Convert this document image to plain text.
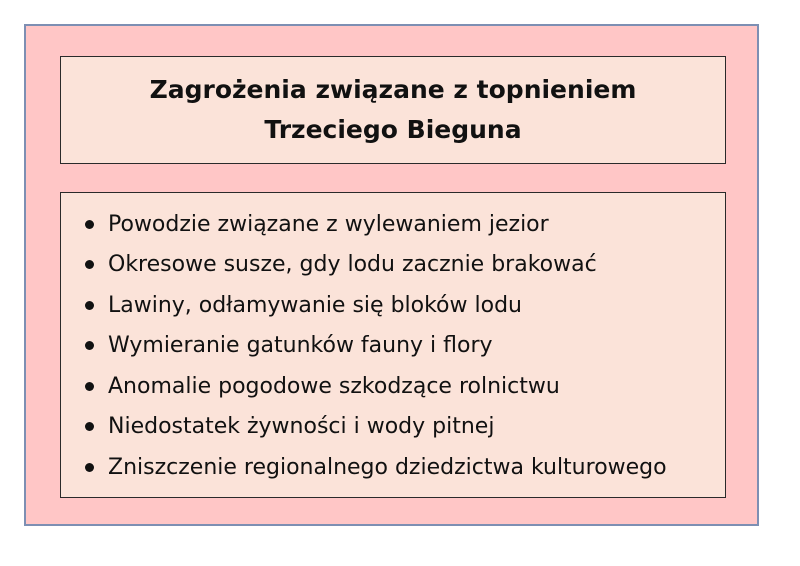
Zagrożenia związane z topnieniem Trzeciego Bieguna

Powodzie związane z wylewaniem jezior
Okresowe susze, gdy lodu zacznie brakować
Lawiny, odłamywanie się bloków lodu
Wymieranie gatunków fauny i flory
Anomalie pogodowe szkodzące rolnictwu
Niedostatek żywności i wody pitnej
Zniszczenie regionalnego dziedzictwa kulturowego
